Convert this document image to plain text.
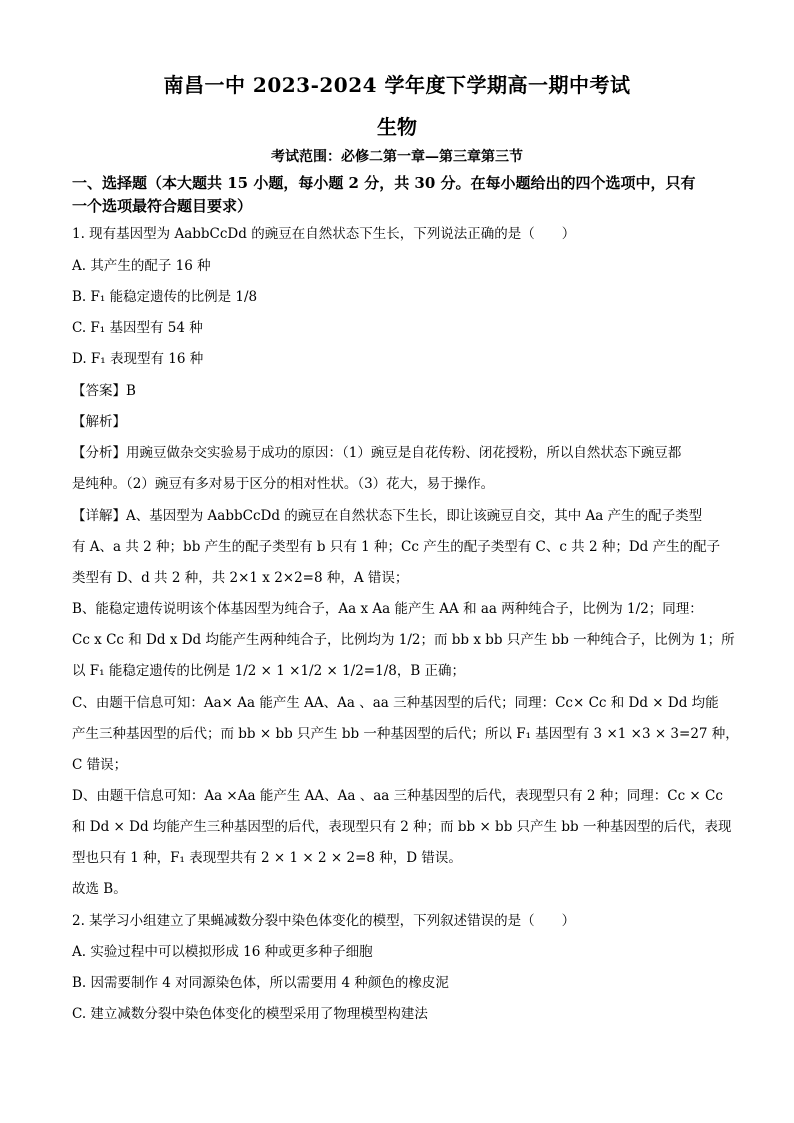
南昌一中 2023-2024 学年度下学期高一期中考试
生物
考试范围：必修二第一章—第三章第三节
一、选择题（本大题共 15 小题，每小题 2 分，共 30 分。在每小题给出的四个选项中，只有
一个选项最符合题目要求）
1. 现有基因型为 AabbCcDd 的豌豆在自然状态下生长，下列说法正确的是（　　）
A. 其产生的配子 16 种
B. F₁ 能稳定遗传的比例是 1/8
C. F₁ 基因型有 54 种
D. F₁ 表现型有 16 种
【答案】B
【解析】
【分析】用豌豆做杂交实验易于成功的原因：（1）豌豆是自花传粉、闭花授粉，所以自然状态下豌豆都
是纯种。（2）豌豆有多对易于区分的相对性状。（3）花大，易于操作。
【详解】A、基因型为 AabbCcDd 的豌豆在自然状态下生长，即让该豌豆自交，其中 Aa 产生的配子类型
有 A、a 共 2 种；bb 产生的配子类型有 b 只有 1 种；Cc 产生的配子类型有 C、c 共 2 种；Dd 产生的配子
类型有 D、d 共 2 种，共 2×1 x 2×2=8 种，A 错误；
B、能稳定遗传说明该个体基因型为纯合子，Aa x Aa 能产生 AA 和 aa 两种纯合子，比例为 1/2；同理：
Cc x Cc 和 Dd x Dd 均能产生两种纯合子，比例均为 1/2；而 bb x bb 只产生 bb 一种纯合子，比例为 1；所
以 F₁ 能稳定遗传的比例是 1/2 × 1 ×1/2 × 1/2=1/8，B 正确；
C、由题干信息可知：Aa× Aa 能产生 AA、Aa 、aa 三种基因型的后代；同理：Cc× Cc 和 Dd × Dd 均能
产生三种基因型的后代；而 bb × bb 只产生 bb 一种基因型的后代；所以 F₁ 基因型有 3 ×1 ×3 × 3=27 种，
C 错误；
D、由题干信息可知：Aa ×Aa 能产生 AA、Aa 、aa 三种基因型的后代，表现型只有 2 种；同理：Cc × Cc
和 Dd × Dd 均能产生三种基因型的后代，表现型只有 2 种；而 bb × bb 只产生 bb 一种基因型的后代，表现
型也只有 1 种，F₁ 表现型共有 2 × 1 × 2 × 2=8 种，D 错误。
故选 B。
2. 某学习小组建立了果蝇减数分裂中染色体变化的模型，下列叙述错误的是（　　）
A. 实验过程中可以模拟形成 16 种或更多种子细胞
B. 因需要制作 4 对同源染色体，所以需要用 4 种颜色的橡皮泥
C. 建立减数分裂中染色体变化的模型采用了物理模型构建法
